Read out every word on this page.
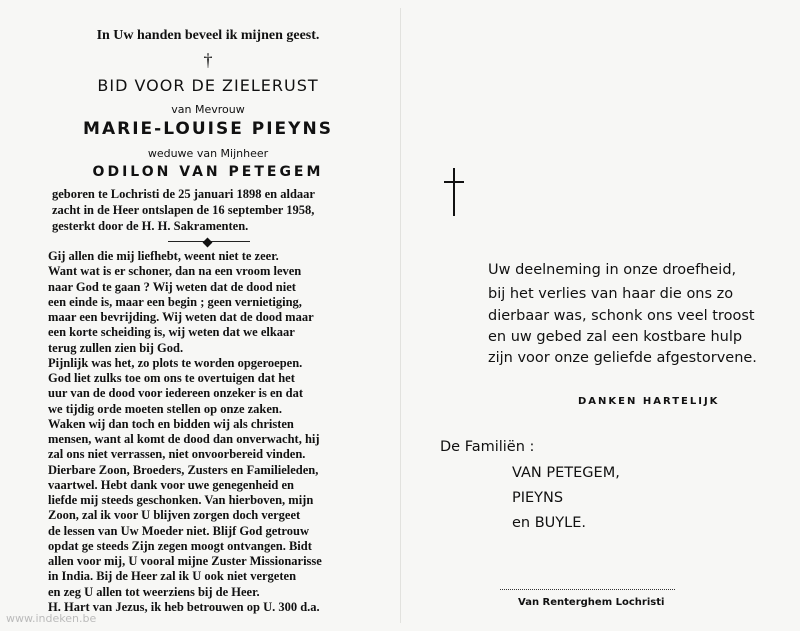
In Uw handen beveel ik mijnen geest.
†
BID VOOR DE ZIELERUST
van Mevrouw
MARIE-LOUISE PIEYNS
weduwe van Mijnheer
ODILON VAN PETEGEM
geboren te Lochristi de 25 januari 1898 en aldaar
zacht in de Heer ontslapen de 16 september 1958,
gesterkt door de H. H. Sakramenten.
Gij allen die mij liefhebt, weent niet te zeer.
Want wat is er schoner, dan na een vroom leven
naar God te gaan ? Wij weten dat de dood niet
een einde is, maar een begin ; geen vernietiging,
maar een bevrijding. Wij weten dat de dood maar
een korte scheiding is, wij weten dat we elkaar
terug zullen zien bij God.
Pijnlijk was het, zo plots te worden opgeroepen.
God liet zulks toe om ons te overtuigen dat het
uur van de dood voor iedereen onzeker is en dat
we tijdig orde moeten stellen op onze zaken.
Waken wij dan toch en bidden wij als christen
mensen, want al komt de dood dan onverwacht, hij
zal ons niet verrassen, niet onvoorbereid vinden.
Dierbare Zoon, Broeders, Zusters en Familieleden,
vaartwel. Hebt dank voor uwe genegenheid en
liefde mij steeds geschonken. Van hierboven, mijn
Zoon, zal ik voor U blijven zorgen doch vergeet
de lessen van Uw Moeder niet. Blijf God getrouw
opdat ge steeds Zijn zegen moogt ontvangen. Bidt
allen voor mij, U vooral mijne Zuster Missionarisse
in India. Bij de Heer zal ik U ook niet vergeten
en zeg U allen tot weerziens bij de Heer.
H. Hart van Jezus, ik heb betrouwen op U. 300 d.a.
Uw deelneming in onze droefheid,
bij het verlies van haar die ons zo
dierbaar was, schonk ons veel troost
en uw gebed zal een kostbare hulp
zijn voor onze geliefde afgestorvene.
DANKEN HARTELIJK
De Familiën :
VAN PETEGEM,
PIEYNS
en BUYLE.
Van Renterghem Lochristi
www.indeken.be
